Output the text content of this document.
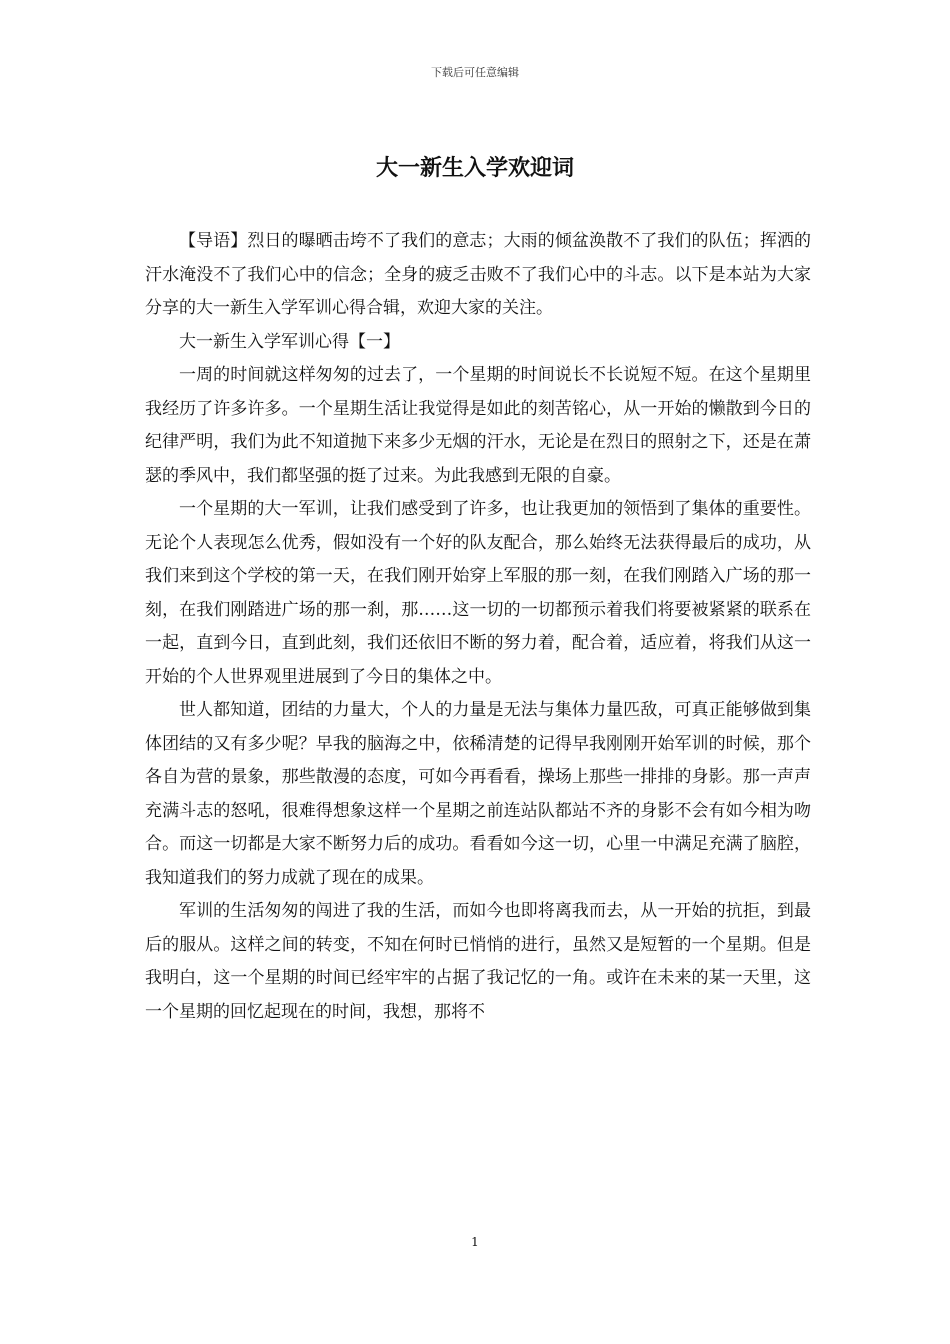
下载后可任意编辑
大一新生入学欢迎词

【导语】烈日的曝晒击垮不了我们的意志；大雨的倾盆涣散不了我们的队伍；挥洒的汗水淹没不了我们心中的信念；全身的疲乏击败不了我们心中的斗志。以下是本站为大家分享的大一新生入学军训心得合辑，欢迎大家的关注。

大一新生入学军训心得【一】

一周的时间就这样匆匆的过去了，一个星期的时间说长不长说短不短。在这个星期里我经历了许多许多。一个星期生活让我觉得是如此的刻苦铭心，从一开始的懒散到今日的纪律严明，我们为此不知道抛下来多少无烟的汗水，无论是在烈日的照射之下，还是在萧瑟的季风中，我们都坚强的挺了过来。为此我感到无限的自豪。

一个星期的大一军训，让我们感受到了许多，也让我更加的领悟到了集体的重要性。无论个人表现怎么优秀，假如没有一个好的队友配合，那么始终无法获得最后的成功，从我们来到这个学校的第一天，在我们刚开始穿上军服的那一刻，在我们刚踏入广场的那一刻，在我们刚踏进广场的那一刹，那……这一切的一切都预示着我们将要被紧紧的联系在一起，直到今日，直到此刻，我们还依旧不断的努力着，配合着，适应着，将我们从这一开始的个人世界观里进展到了今日的集体之中。

世人都知道，团结的力量大，个人的力量是无法与集体力量匹敌，可真正能够做到集体团结的又有多少呢？早我的脑海之中，依稀清楚的记得早我刚刚开始军训的时候，那个各自为营的景象，那些散漫的态度，可如今再看看，操场上那些一排排的身影。那一声声充满斗志的怒吼，很难得想象这样一个星期之前连站队都站不齐的身影不会有如今相为吻合。而这一切都是大家不断努力后的成功。看看如今这一切，心里一中满足充满了脑腔，我知道我们的努力成就了现在的成果。

军训的生活匆匆的闯进了我的生活，而如今也即将离我而去，从一开始的抗拒，到最后的服从。这样之间的转变，不知在何时已悄悄的进行，虽然又是短暂的一个星期。但是我明白，这一个星期的时间已经牢牢的占据了我记忆的一角。或许在未来的某一天里，这一个星期的回忆起现在的时间，我想，那将不

1
